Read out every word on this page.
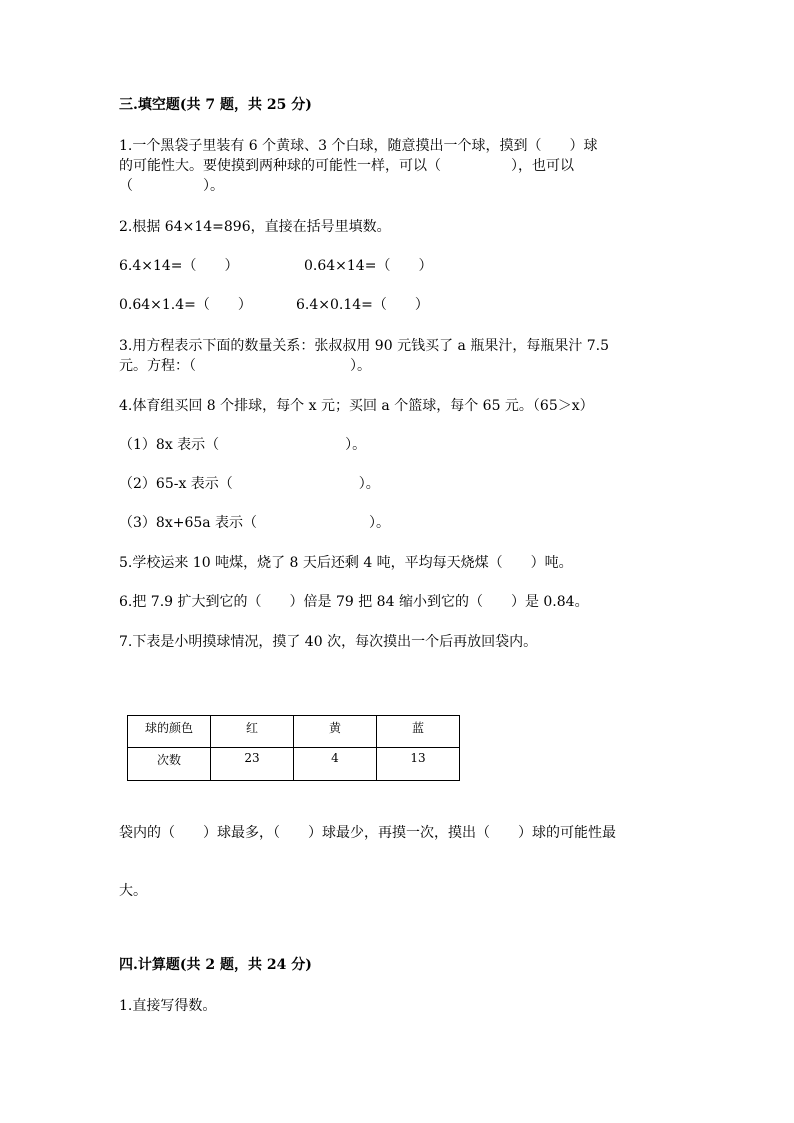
三.填空题(共 7 题，共 25 分)
1.一个黑袋子里装有 6 个黄球、3 个白球，随意摸出一个球，摸到（　　）球
的可能性大。要使摸到两种球的可能性一样，可以（　　　　　），也可以
（　　　　　）。
2.根据 64×14=896，直接在括号里填数。
6.4×14=（　　）	0.64×14=（　　）
0.64×1.4=（　　）	6.4×0.14=（　　）
3.用方程表示下面的数量关系：张叔叔用 90 元钱买了 a 瓶果汁，每瓶果汁 7.5
元。方程：（　　　　　　　　　　　）。
4.体育组买回 8 个排球，每个 x 元；买回 a 个篮球，每个 65 元。（65＞x）
（1）8x 表示（　　　　　　　　　）。
（2）65-x 表示（　　　　　　　　　）。
（3）8x+65a 表示（　　　　　　　　）。
5.学校运来 10 吨煤，烧了 8 天后还剩 4 吨，平均每天烧煤（　　）吨。
6.把 7.9 扩大到它的（　　）倍是 79 把 84 缩小到它的（　　）是 0.84。
7.下表是小明摸球情况，摸了 40 次，每次摸出一个后再放回袋内。
球的颜色	红	黄	蓝
次数	23	4	13
袋内的（　　）球最多，（　　）球最少，再摸一次，摸出（　　）球的可能性最
大。
四.计算题(共 2 题，共 24 分)
1.直接写得数。
